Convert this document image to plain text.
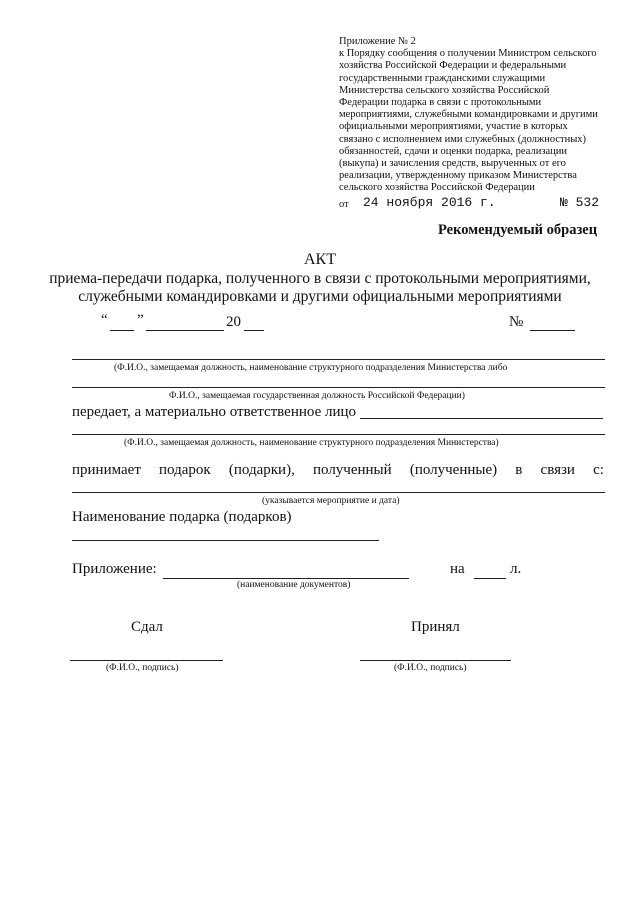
Приложение № 2
к Порядку сообщения о получении Министром сельского
хозяйства Российской Федерации и федеральными
государственными гражданскими служащими
Министерства сельского хозяйства Российской
Федерации подарка в связи с протокольными
мероприятиями, служебными командировками и другими
официальными мероприятиями, участие в которых
связано с исполнением ими служебных (должностных)
обязанностей, сдачи и оценки подарка, реализации
(выкупа) и зачисления средств, вырученных от его
реализации, утвержденному приказом Министерства
сельского хозяйства Российской Федерации
от 24 ноября 2016 г.	№ 532
Рекомендуемый образец
АКТ
приема-передачи подарка, полученного в связи с протокольными мероприятиями,
служебными командировками и другими официальными мероприятиями
“ ”	20	№
(Ф.И.О., замещаемая должность, наименование структурного подразделения Министерства либо
Ф.И.О., замещаемая государственная должность Российской Федерации)
передает, а материально ответственное лицо
(Ф.И.О., замещаемая должность, наименование структурного подразделения Министерства)
принимает подарок (подарки), полученный (полученные) в связи с:
(указывается мероприятие и дата)
Наименование подарка (подарков)
Приложение:
(наименование документов)
на	л.
Сдал	Принял
(Ф.И.О., подпись)	(Ф.И.О., подпись)
